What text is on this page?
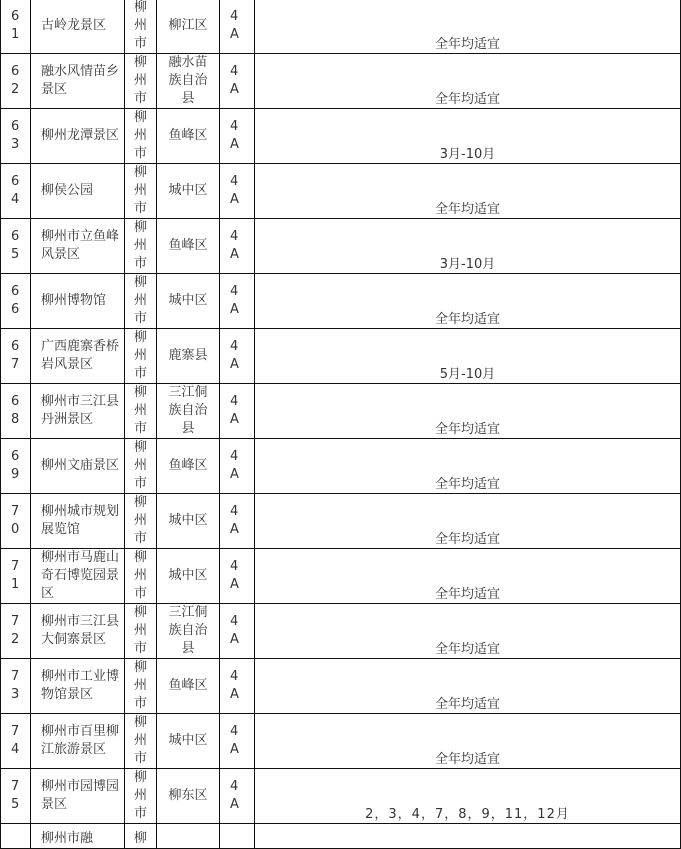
61	古岭龙景区	柳州市	柳江区	4A	全年均适宜

62	融水风情苗乡景区	柳州市	融水苗族自治县	4A	全年均适宜

63	柳州龙潭景区	柳州市	鱼峰区	4A	3月-10月

64	柳侯公园	柳州市	城中区	4A	全年均适宜

65	柳州市立鱼峰风景区	柳州市	鱼峰区	4A	3月-10月

66	柳州博物馆	柳州市	城中区	4A	全年均适宜

67	广西鹿寨香桥岩风景区	柳州市	鹿寨县	4A	5月-10月

68	柳州市三江县丹洲景区	柳州市	三江侗族自治县	4A	全年均适宜

69	柳州文庙景区	柳州市	鱼峰区	4A	全年均适宜

70	柳州城市规划展览馆	柳州市	城中区	4A	全年均适宜

71	柳州市马鹿山奇石博览园景区	柳州市	城中区	4A	全年均适宜

72	柳州市三江县大侗寨景区	柳州市	三江侗族自治县	4A	全年均适宜

73	柳州市工业博物馆景区	柳州市	鱼峰区	4A	全年均适宜

74	柳州市百里柳江旅游景区	柳州市	城中区	4A	全年均适宜

75	柳州市园博园景区	柳州市	柳东区	4A	2，3，4，7，8，9，11，12月

	柳州市融	柳			
